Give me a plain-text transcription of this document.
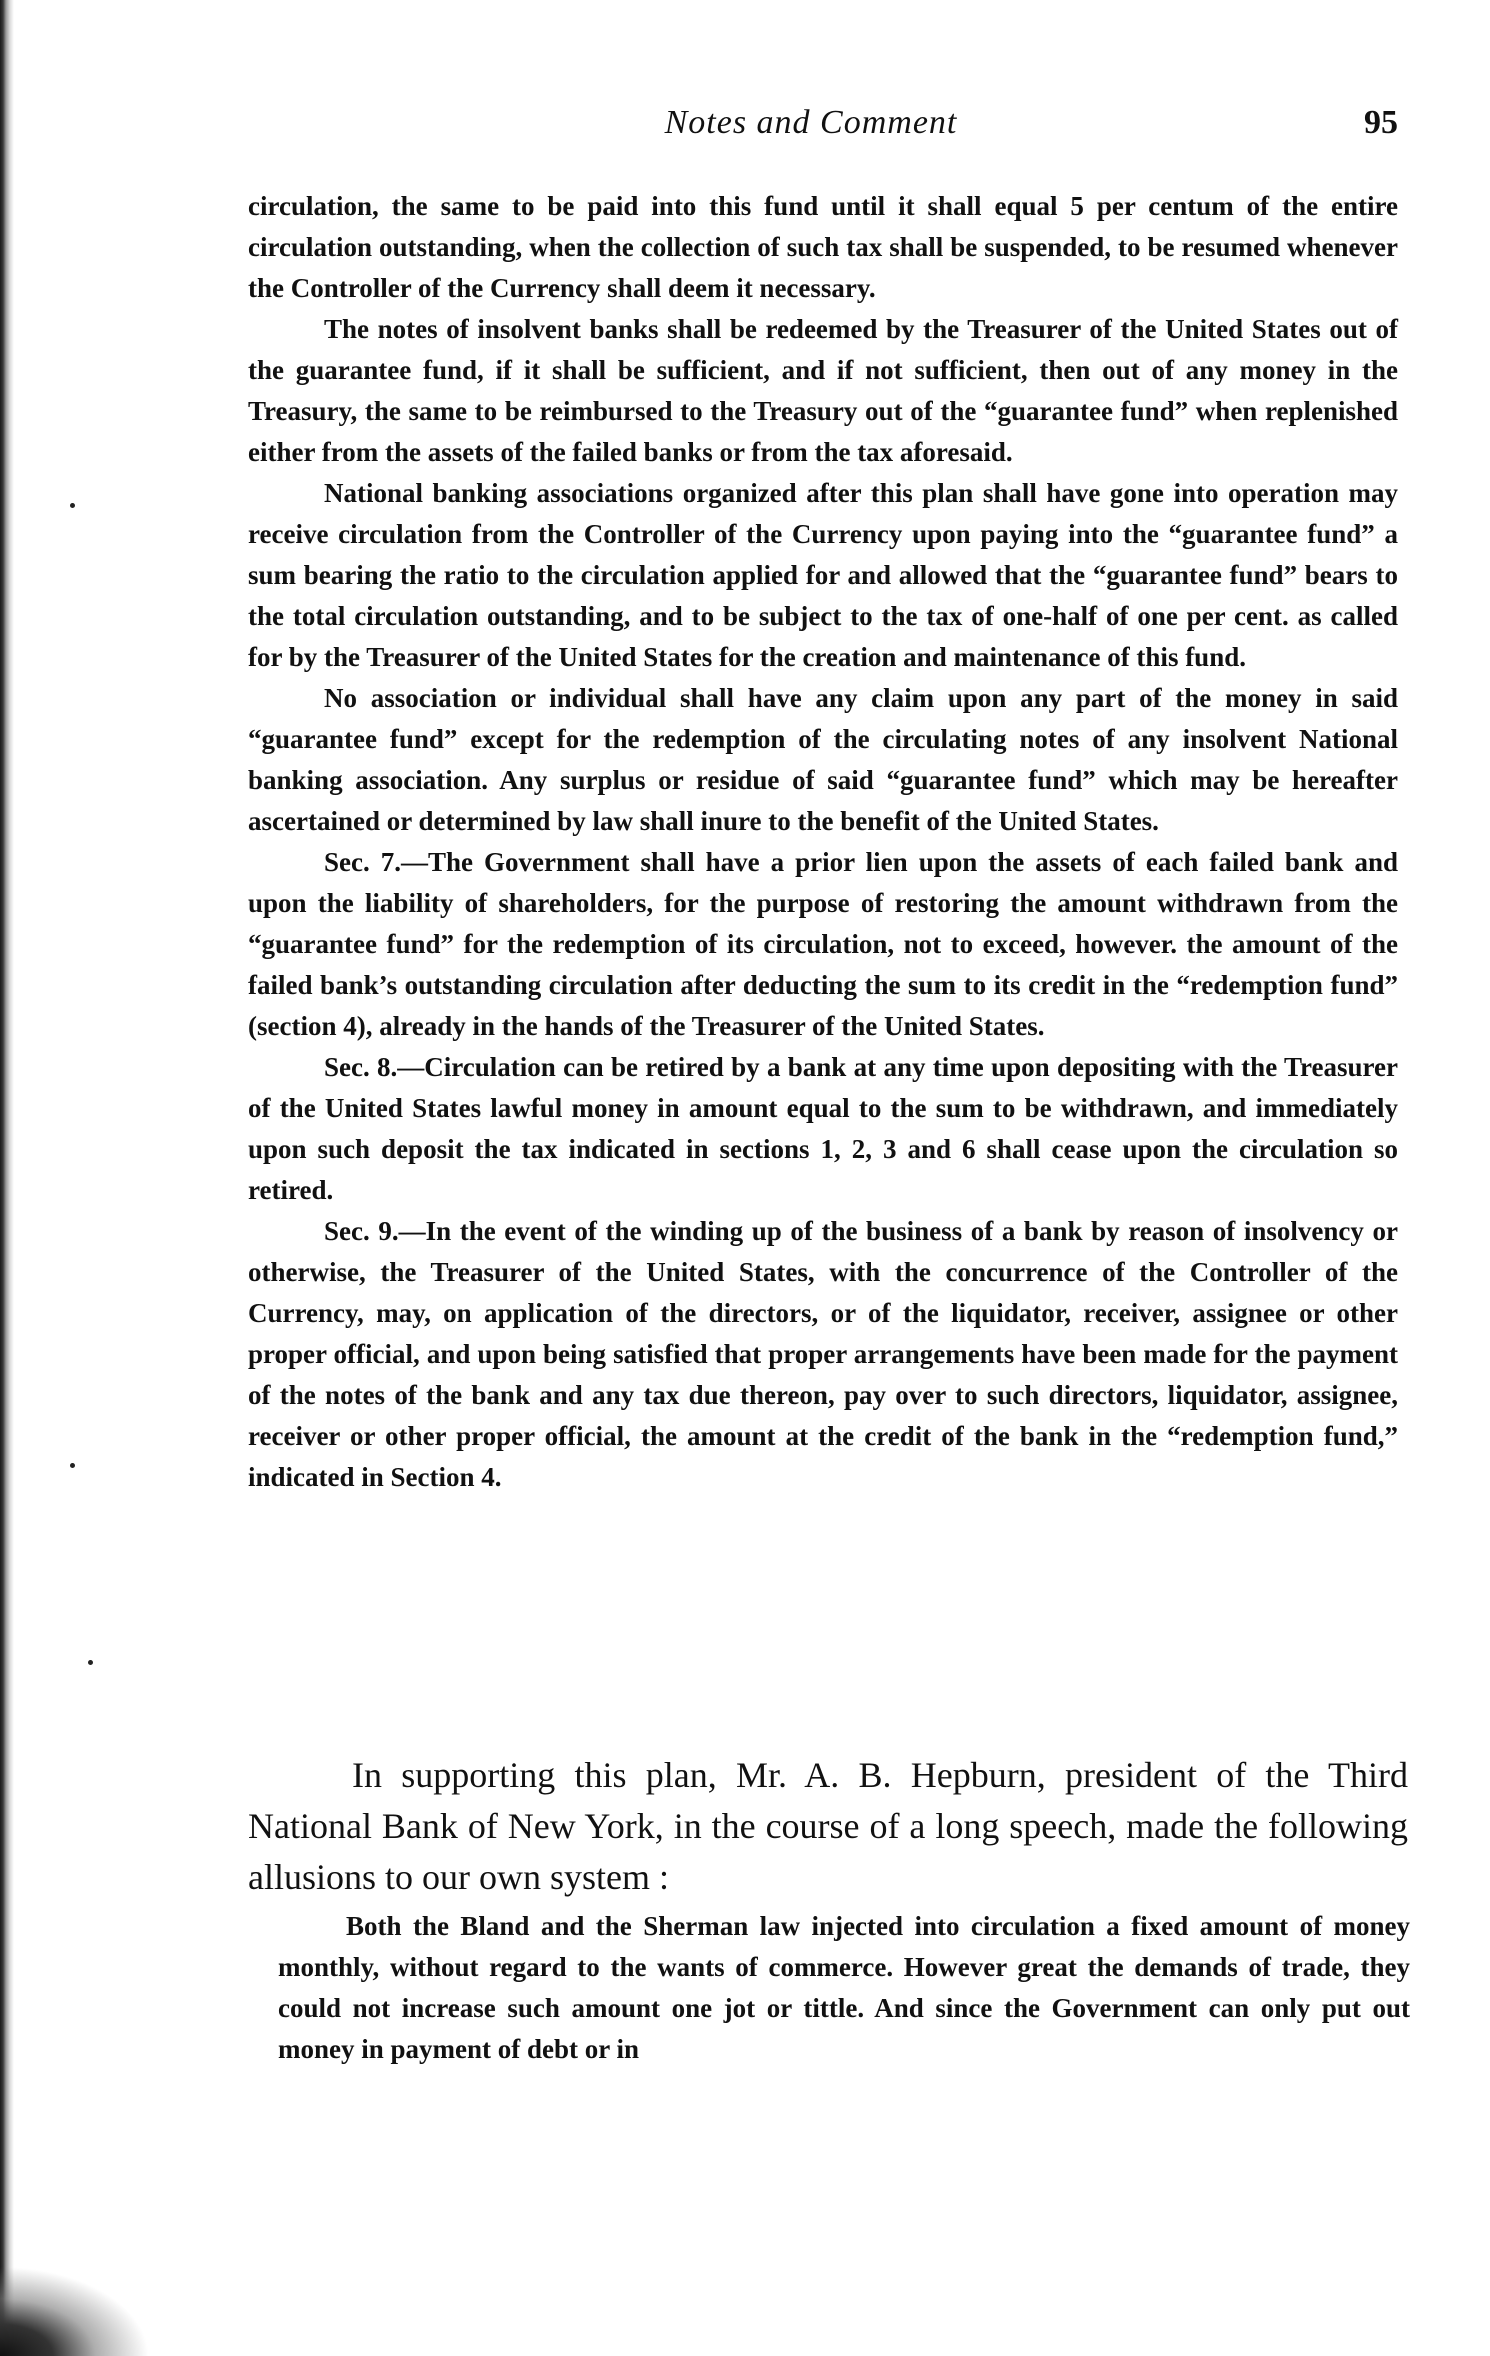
Notes and Comment	95

circulation, the same to be paid into this fund until it shall equal 5 per centum of the entire circulation outstanding, when the collection of such tax shall be suspended, to be resumed whenever the Controller of the Currency shall deem it necessary.

The notes of insolvent banks shall be redeemed by the Treasurer of the United States out of the guarantee fund, if it shall be sufficient, and if not sufficient, then out of any money in the Treasury, the same to be reimbursed to the Treasury out of the “guarantee fund” when replenished either from the assets of the failed banks or from the tax aforesaid.

National banking associations organized after this plan shall have gone into operation may receive circulation from the Controller of the Currency upon paying into the “guarantee fund” a sum bearing the ratio to the circulation applied for and allowed that the “guarantee fund” bears to the total circulation outstanding, and to be subject to the tax of one-half of one per cent. as called for by the Treasurer of the United States for the creation and maintenance of this fund.

No association or individual shall have any claim upon any part of the money in said “guarantee fund” except for the redemption of the circulating notes of any insolvent National banking association. Any surplus or residue of said “guarantee fund” which may be hereafter ascertained or determined by law shall inure to the benefit of the United States.

Sec. 7.—The Government shall have a prior lien upon the assets of each failed bank and upon the liability of shareholders, for the purpose of restoring the amount withdrawn from the “guarantee fund” for the redemption of its circulation, not to exceed, however. the amount of the failed bank’s outstanding circulation after deducting the sum to its credit in the “redemption fund” (section 4), already in the hands of the Treasurer of the United States.

Sec. 8.—Circulation can be retired by a bank at any time upon depositing with the Treasurer of the United States lawful money in amount equal to the sum to be withdrawn, and immediately upon such deposit the tax indicated in sections 1, 2, 3 and 6 shall cease upon the circulation so retired.

Sec. 9.—In the event of the winding up of the business of a bank by reason of insolvency or otherwise, the Treasurer of the United States, with the concurrence of the Controller of the Currency, may, on application of the directors, or of the liquidator, receiver, assignee or other proper official, and upon being satisfied that proper arrangements have been made for the payment of the notes of the bank and any tax due thereon, pay over to such directors, liquidator, assignee, receiver or other proper official, the amount at the credit of the bank in the “redemption fund,” indicated in Section 4.

In supporting this plan, Mr. A. B. Hepburn, president of the Third National Bank of New York, in the course of a long speech, made the following allusions to our own system :

Both the Bland and the Sherman law injected into circulation a fixed amount of money monthly, without regard to the wants of commerce. However great the demands of trade, they could not increase such amount one jot or tittle. And since the Government can only put out money in payment of debt or in
